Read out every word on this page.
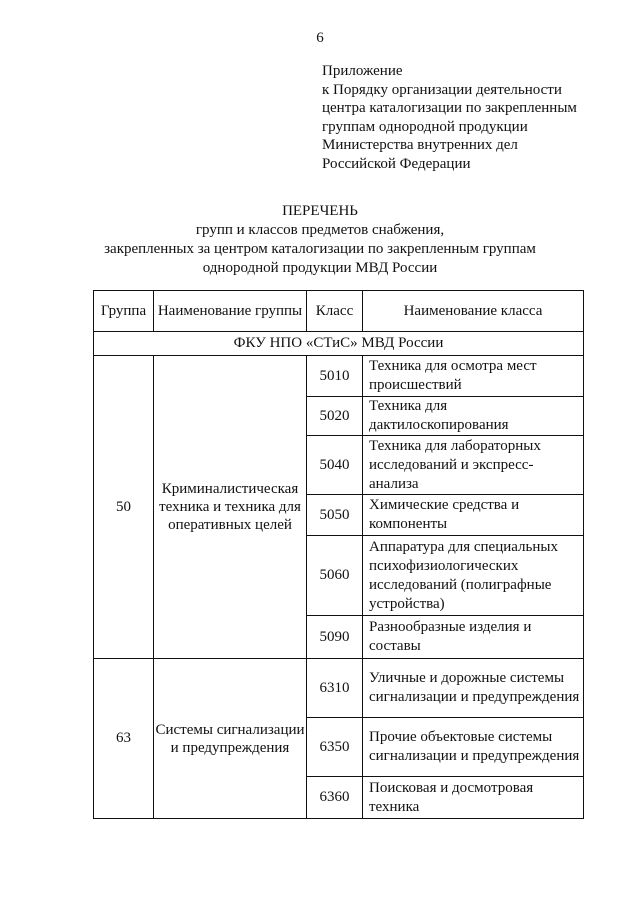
6
Приложение
к Порядку организации деятельности
центра каталогизации по закрепленным
группам однородной продукции
Министерства внутренних дел
Российской Федерации
ПЕРЕЧЕНЬ
групп и классов предметов снабжения,
закрепленных за центром каталогизации по закрепленным группам
однородной продукции МВД России
Группа	Наименование группы	Класс	Наименование класса
ФКУ НПО «СТиС» МВД России			
50	Криминалистическая техника и техника для оперативных целей	5010	Техника для осмотра мест происшествий
		5020	Техника для дактилоскопирования
		5040	Техника для лабораторных исследований и экспресс-анализа
		5050	Химические средства и компоненты
		5060	Аппаратура для специальных психофизиологических исследований (полиграфные устройства)
		5090	Разнообразные изделия и составы
63	Системы сигнализации и предупреждения	6310	Уличные и дорожные системы сигнализации и предупреждения
		6350	Прочие объектовые системы сигнализации и предупреждения
		6360	Поисковая и досмотровая техника
